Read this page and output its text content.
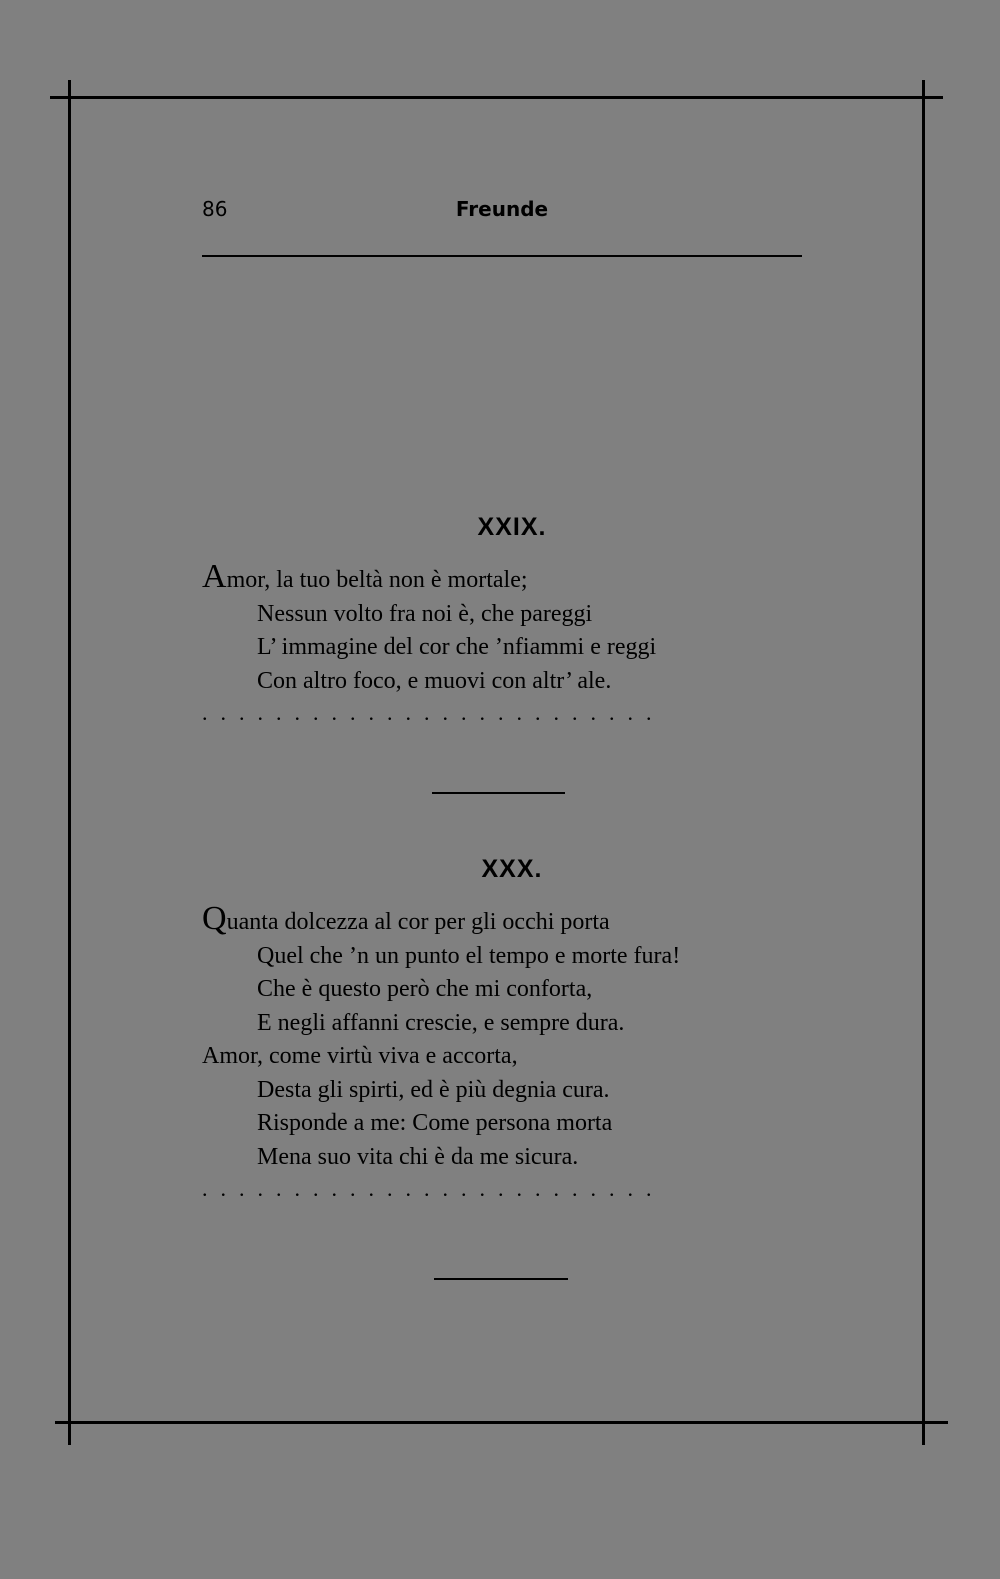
86	Freunde
XXIX.
Amor, la tuo beltà non è mortale;
Nessun volto fra noi è, che pareggi
L’ immagine del cor che ’nfiammi e reggi
Con altro foco, e muovi con altr’ ale.
.........................
XXX.
Quanta dolcezza al cor per gli occhi porta
Quel che ’n un punto el tempo e morte fura!
Che è questo però che mi conforta,
E negli affanni crescie, e sempre dura.
Amor, come virtù viva e accorta,
Desta gli spirti, ed è più degnia cura.
Risponde a me: Come persona morta
Mena suo vita chi è da me sicura.
.........................
